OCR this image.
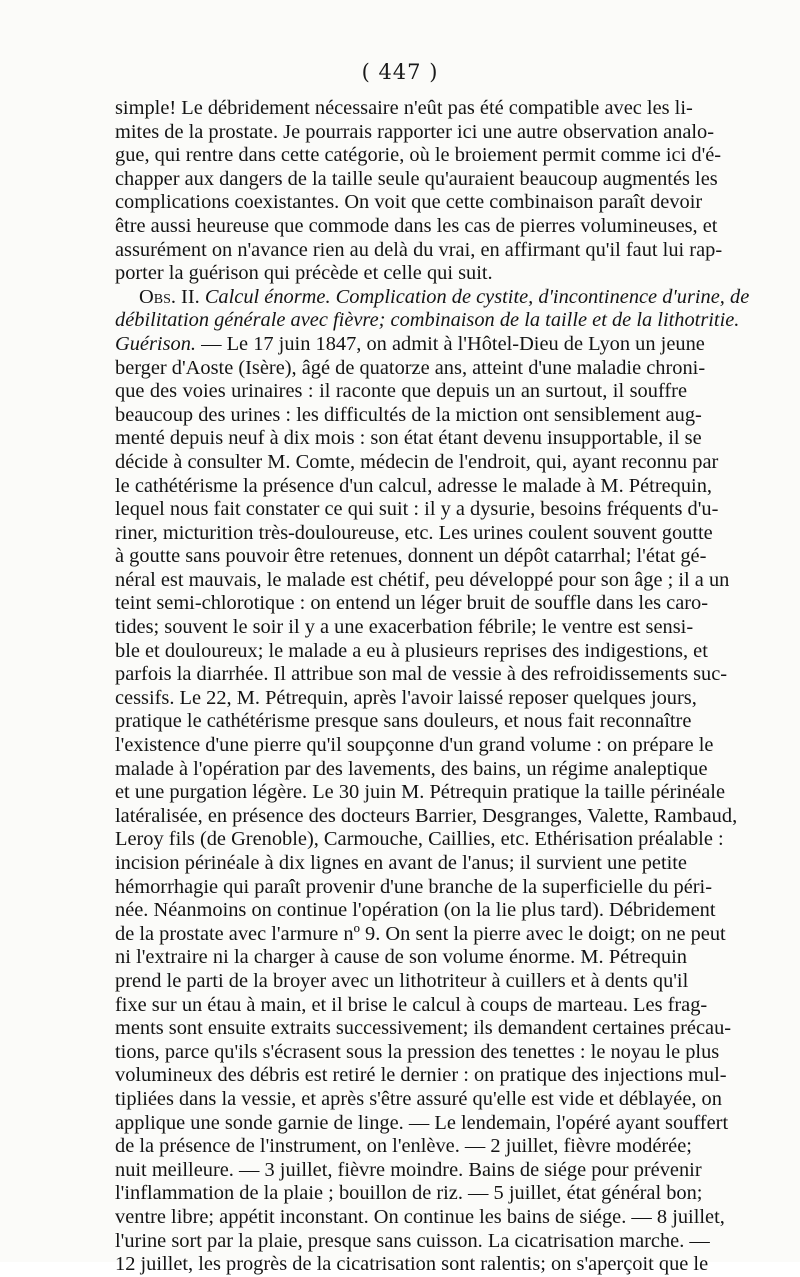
( 447 )
simple! Le débridement nécessaire n'eût pas été compatible avec les li-
mites de la prostate. Je pourrais rapporter ici une autre observation analo-
gue, qui rentre dans cette catégorie, où le broiement permit comme ici d'é-
chapper aux dangers de la taille seule qu'auraient beaucoup augmentés les
complications coexistantes. On voit que cette combinaison paraît devoir
être aussi heureuse que commode dans les cas de pierres volumineuses, et
assurément on n'avance rien au delà du vrai, en affirmant qu'il faut lui rap-
porter la guérison qui précède et celle qui suit.
Obs. II. Calcul énorme. Complication de cystite, d'incontinence d'urine, de
débilitation générale avec fièvre; combinaison de la taille et de la lithotritie.
Guérison. — Le 17 juin 1847, on admit à l'Hôtel-Dieu de Lyon un jeune
berger d'Aoste (Isère), âgé de quatorze ans, atteint d'une maladie chroni-
que des voies urinaires : il raconte que depuis un an surtout, il souffre
beaucoup des urines : les difficultés de la miction ont sensiblement aug-
menté depuis neuf à dix mois : son état étant devenu insupportable, il se
décide à consulter M. Comte, médecin de l'endroit, qui, ayant reconnu par
le cathétérisme la présence d'un calcul, adresse le malade à M. Pétrequin,
lequel nous fait constater ce qui suit : il y a dysurie, besoins fréquents d'u-
riner, micturition très-douloureuse, etc. Les urines coulent souvent goutte
à goutte sans pouvoir être retenues, donnent un dépôt catarrhal; l'état gé-
néral est mauvais, le malade est chétif, peu développé pour son âge ; il a un
teint semi-chlorotique : on entend un léger bruit de souffle dans les caro-
tides; souvent le soir il y a une exacerbation fébrile; le ventre est sensi-
ble et douloureux; le malade a eu à plusieurs reprises des indigestions, et
parfois la diarrhée. Il attribue son mal de vessie à des refroidissements suc-
cessifs. Le 22, M. Pétrequin, après l'avoir laissé reposer quelques jours,
pratique le cathétérisme presque sans douleurs, et nous fait reconnaître
l'existence d'une pierre qu'il soupçonne d'un grand volume : on prépare le
malade à l'opération par des lavements, des bains, un régime analeptique
et une purgation légère. Le 30 juin M. Pétrequin pratique la taille périnéale
latéralisée, en présence des docteurs Barrier, Desgranges, Valette, Rambaud,
Leroy fils (de Grenoble), Carmouche, Caillies, etc. Ethérisation préalable :
incision périnéale à dix lignes en avant de l'anus; il survient une petite
hémorrhagie qui paraît provenir d'une branche de la superficielle du péri-
née. Néanmoins on continue l'opération (on la lie plus tard). Débridement
de la prostate avec l'armure nº 9. On sent la pierre avec le doigt; on ne peut
ni l'extraire ni la charger à cause de son volume énorme. M. Pétrequin
prend le parti de la broyer avec un lithotriteur à cuillers et à dents qu'il
fixe sur un étau à main, et il brise le calcul à coups de marteau. Les frag-
ments sont ensuite extraits successivement; ils demandent certaines précau-
tions, parce qu'ils s'écrasent sous la pression des tenettes : le noyau le plus
volumineux des débris est retiré le dernier : on pratique des injections mul-
tipliées dans la vessie, et après s'être assuré qu'elle est vide et déblayée, on
applique une sonde garnie de linge. — Le lendemain, l'opéré ayant souffert
de la présence de l'instrument, on l'enlève. — 2 juillet, fièvre modérée;
nuit meilleure. — 3 juillet, fièvre moindre. Bains de siége pour prévenir
l'inflammation de la plaie ; bouillon de riz. — 5 juillet, état général bon;
ventre libre; appétit inconstant. On continue les bains de siége. — 8 juillet,
l'urine sort par la plaie, presque sans cuisson. La cicatrisation marche. —
12 juillet, les progrès de la cicatrisation sont ralentis; on s'aperçoit que le
